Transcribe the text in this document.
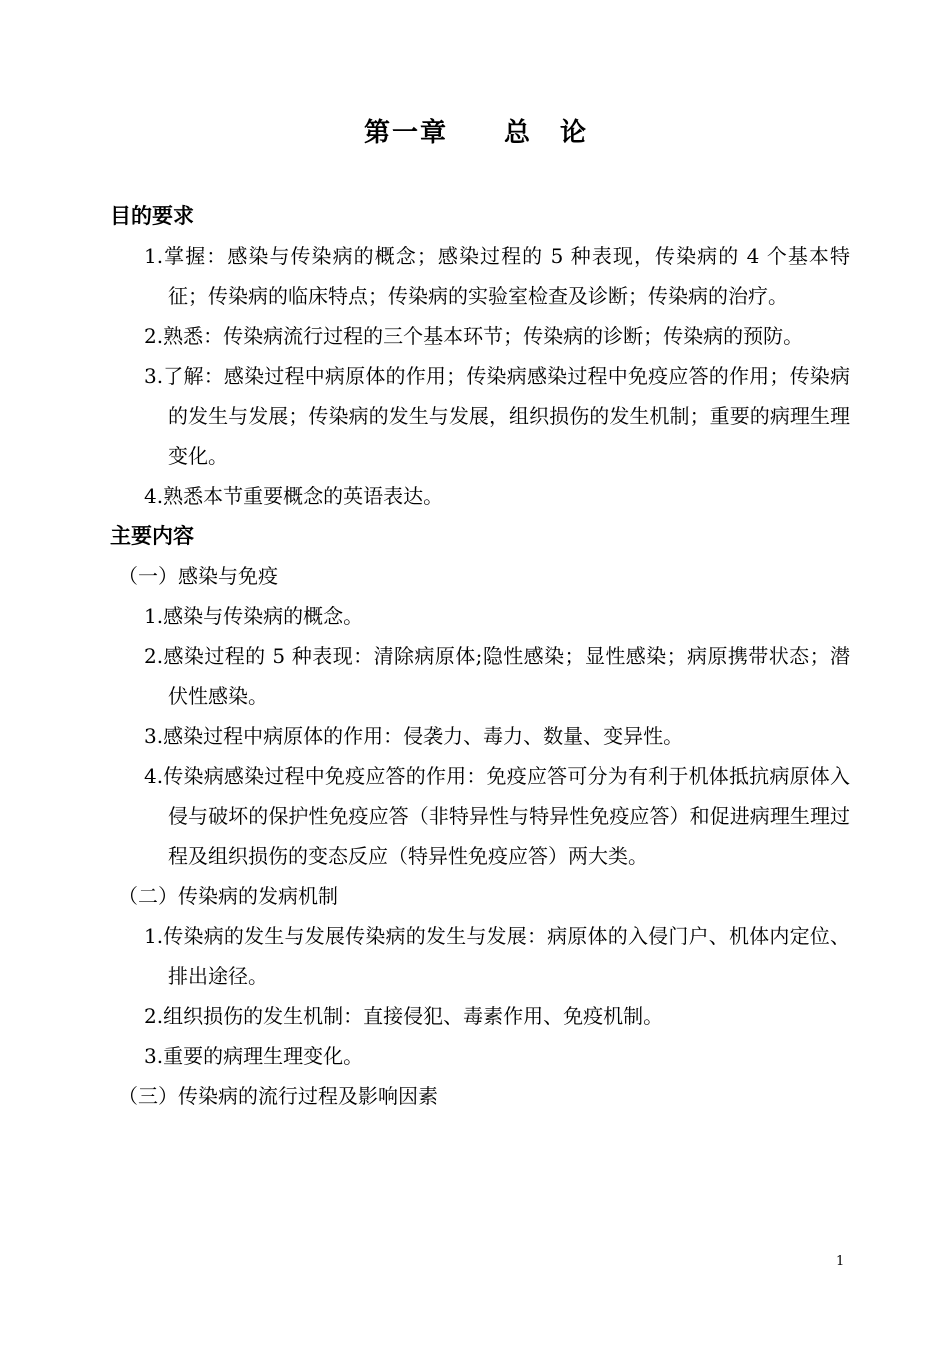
第一章　　总　论
目的要求
1.掌握：感染与传染病的概念；感染过程的 5 种表现，传染病的 4 个基本特征；传染病的临床特点；传染病的实验室检查及诊断；传染病的治疗。
2.熟悉：传染病流行过程的三个基本环节；传染病的诊断；传染病的预防。
3.了解：感染过程中病原体的作用；传染病感染过程中免疫应答的作用；传染病的发生与发展；传染病的发生与发展，组织损伤的发生机制；重要的病理生理变化。
4.熟悉本节重要概念的英语表达。
主要内容
（一）感染与免疫
1.感染与传染病的概念。
2.感染过程的 5 种表现：清除病原体;隐性感染；显性感染；病原携带状态；潜伏性感染。
3.感染过程中病原体的作用：侵袭力、毒力、数量、变异性。
4.传染病感染过程中免疫应答的作用：免疫应答可分为有利于机体抵抗病原体入侵与破坏的保护性免疫应答（非特异性与特异性免疫应答）和促进病理生理过程及组织损伤的变态反应（特异性免疫应答）两大类。
（二）传染病的发病机制
1.传染病的发生与发展传染病的发生与发展：病原体的入侵门户、机体内定位、排出途径。
2.组织损伤的发生机制：直接侵犯、毒素作用、免疫机制。
3.重要的病理生理变化。
（三）传染病的流行过程及影响因素
1
